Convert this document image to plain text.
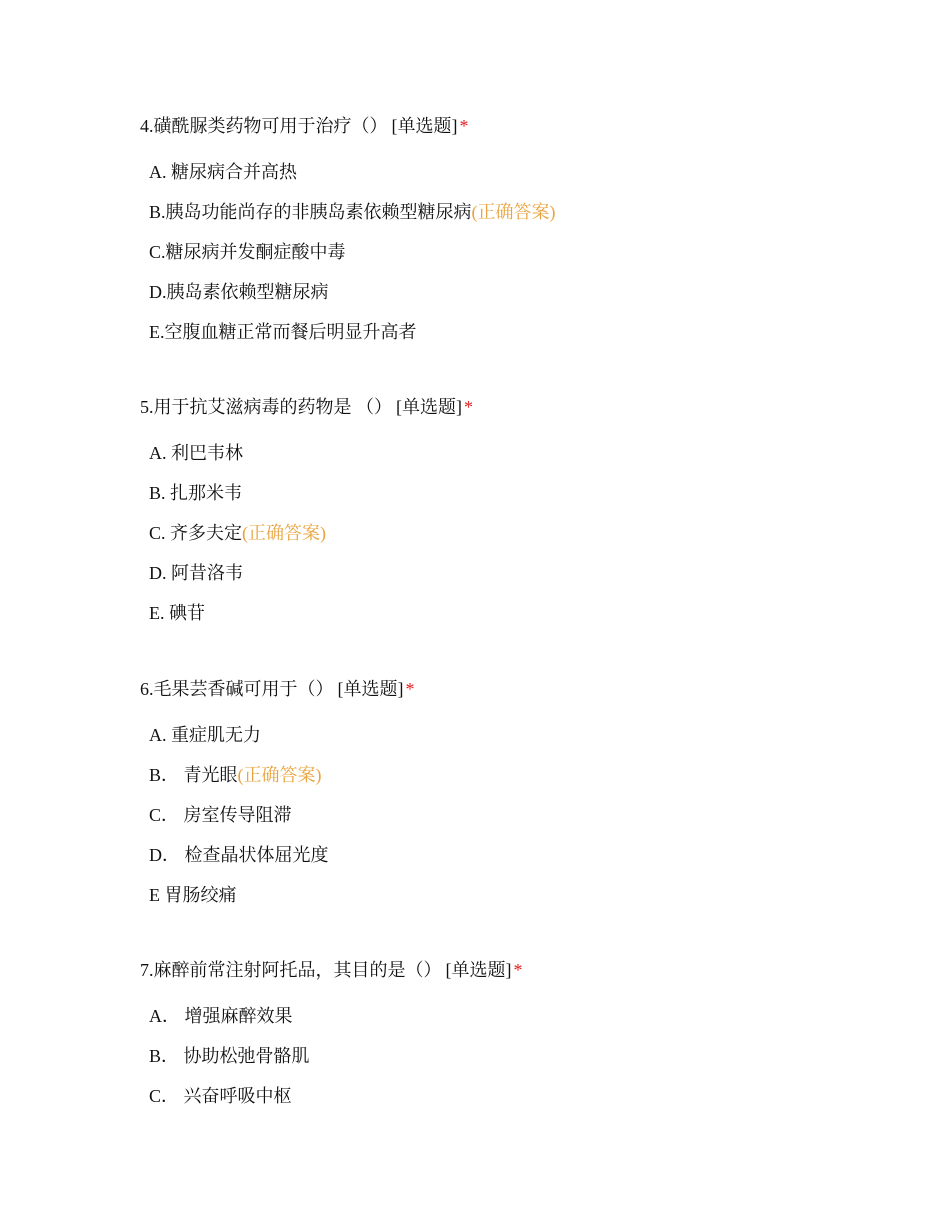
4.磺酰脲类药物可用于治疗（） [单选题] *
A. 糖尿病合并高热
B.胰岛功能尚存的非胰岛素依赖型糖尿病(正确答案)
C.糖尿病并发酮症酸中毒
D.胰岛素依赖型糖尿病
E.空腹血糖正常而餐后明显升高者
5.用于抗艾滋病毒的药物是 （） [单选题] *
A. 利巴韦林
B. 扎那米韦
C. 齐多夫定(正确答案)
D. 阿昔洛韦
E. 碘苷
6.毛果芸香碱可用于（） [单选题] *
A. 重症肌无力
B． 青光眼(正确答案)
C． 房室传导阻滞
D． 检查晶状体屈光度
E 胃肠绞痛
7.麻醉前常注射阿托品，其目的是（） [单选题] *
A． 增强麻醉效果
B． 协助松弛骨骼肌
C． 兴奋呼吸中枢
